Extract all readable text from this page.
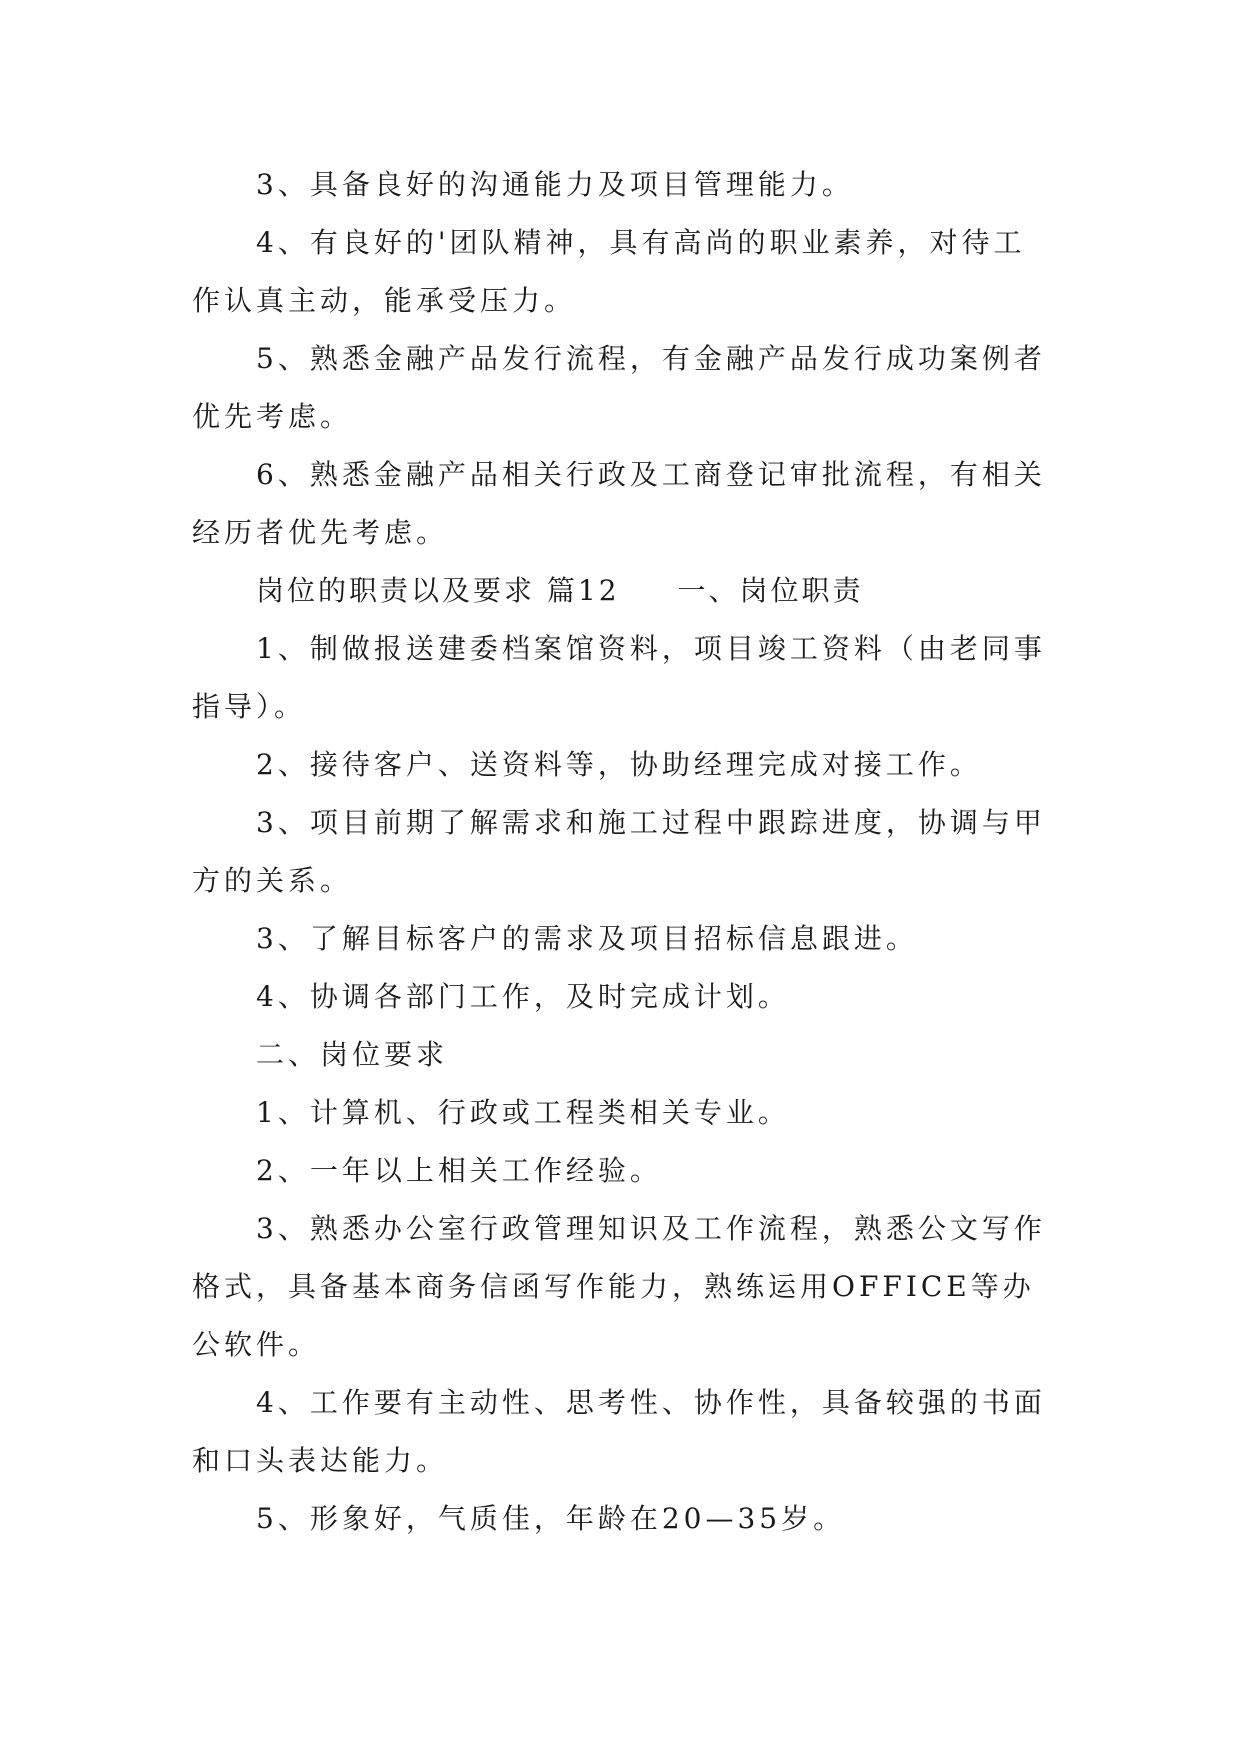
3、具备良好的沟通能力及项目管理能力。

4、有良好的'团队精神，具有高尚的职业素养，对待工作认真主动，能承受压力。

5、熟悉金融产品发行流程，有金融产品发行成功案例者优先考虑。

6、熟悉金融产品相关行政及工商登记审批流程，有相关经历者优先考虑。

岗位的职责以及要求 篇12 一、岗位职责

1、制做报送建委档案馆资料，项目竣工资料（由老同事指导）。

2、接待客户、送资料等，协助经理完成对接工作。

3、项目前期了解需求和施工过程中跟踪进度，协调与甲方的关系。

3、了解目标客户的需求及项目招标信息跟进。

4、协调各部门工作，及时完成计划。

二、岗位要求

1、计算机、行政或工程类相关专业。

2、一年以上相关工作经验。

3、熟悉办公室行政管理知识及工作流程，熟悉公文写作格式，具备基本商务信函写作能力，熟练运用OFFICE等办公软件。

4、工作要有主动性、思考性、协作性，具备较强的书面和口头表达能力。

5、形象好，气质佳，年龄在20—35岁。
